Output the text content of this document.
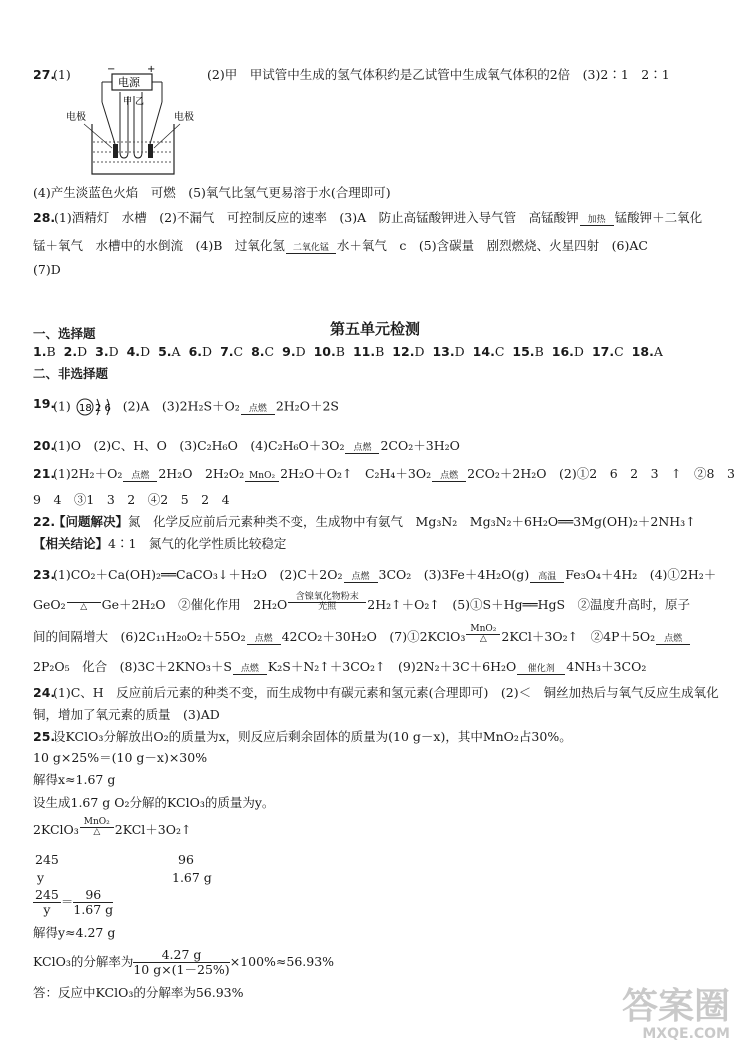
27.
(1)	−	+
电源
甲 乙
电极	电极
(2)甲　甲试管中生成的氢气体积约是乙试管中生成氧气体积的2倍　(3)2∶1　2∶1
(4)产生淡蓝色火焰　可燃　(5)氧气比氢气更易溶于水(合理即可)
28.
(1)酒精灯　水槽　(2)不漏气　可控制反应的速率　(3)A　防止高锰酸钾进入导气管　高锰酸钾 加热 锰酸钾＋二氧化
锰＋氧气　水槽中的水倒流　(4)B　过氧化氢 二氧化锰 水＋氧气　c　(5)含碳量　剧烈燃烧、火星四射　(6)AC
(7)D
第五单元检测
一、选择题
1.B 2.D 3.D 4.D 5.A 6.D 7.C 8.C 9.D 10.B 11.B 12.D 13.D 14.C 15.B 16.D 17.C 18.A
二、非选择题
19.
(1) 18 2 6 (2)A　(3)2H₂S＋O₂ 点燃 2H₂O＋2S
20.
(1)O　(2)C、H、O　(3)C₂H₆O　(4)C₂H₆O＋3O₂ 点燃 2CO₂＋3H₂O
21.
(1)2H₂＋O₂ 点燃 2H₂O　2H₂O₂ MnO₂ 2H₂O＋O₂↑　C₂H₄＋3O₂ 点燃 2CO₂＋2H₂O　(2)①2　6　2　3　↑　②8　3
9　4　③1　3　2　④2　5　2　4
22.
【问题解决】氮　化学反应前后元素种类不变，生成物中有氨气　Mg₃N₂　Mg₃N₂＋6H₂O══3Mg(OH)₂＋2NH₃↑
【相关结论】4∶1　氮气的化学性质比较稳定
23.
(1)CO₂＋Ca(OH)₂══CaCO₃↓＋H₂O　(2)C＋2O₂ 点燃 3CO₂　(3)3Fe＋4H₂O(g) 高温 Fe₃O₄＋4H₂　(4)①2H₂＋
GeO₂
	△	Ge＋2H₂O　②催化作用　2H₂O 含镍氧化物粉末
光照	2H₂↑＋O₂↑　(5)①S＋Hg══HgS　②温度升高时，原子
间的间隔增大　(6)2C₁₁H₂₀O₂＋55O₂ 点燃 42CO₂＋30H₂O　(7)①2KClO₃ MnO₂
△	2KCl＋3O₂↑　②4P＋5O₂ 点燃
2P₂O₅　化合　(8)3C＋2KNO₃＋S 点燃 K₂S＋N₂↑＋3CO₂↑　(9)2N₂＋3C＋6H₂O	催化剂 4NH₃＋3CO₂
24.
(1)C、H　反应前后元素的种类不变，而生成物中有碳元素和氢元素(合理即可)　(2)＜　铜丝加热后与氧气反应生成氧化
铜，增加了氧元素的质量　(3)AD
25.
设KClO₃分解放出O₂的质量为x，则反应后剩余固体的质量为(10 g－x)，其中MnO₂占30%。
10 g×25%＝(10 g－x)×30%
解得x≈1.67 g
设生成1.67 g O₂分解的KClO₃的质量为y。
2KClO₃ MnO₂
△	2KCl＋3O₂↑
245	96
y	1.67 g
$\frac{245}{y} = \frac{96}{1.67 g}$
解得y≈4.27 g
KClO₃的分解率为 $\frac{4.27 g}{10 g\times(1-25\%)} \times 100\%\approx 56.93\%$
答：反应中KClO₃的分解率为56.93%	答案圈
MXQE.COM
